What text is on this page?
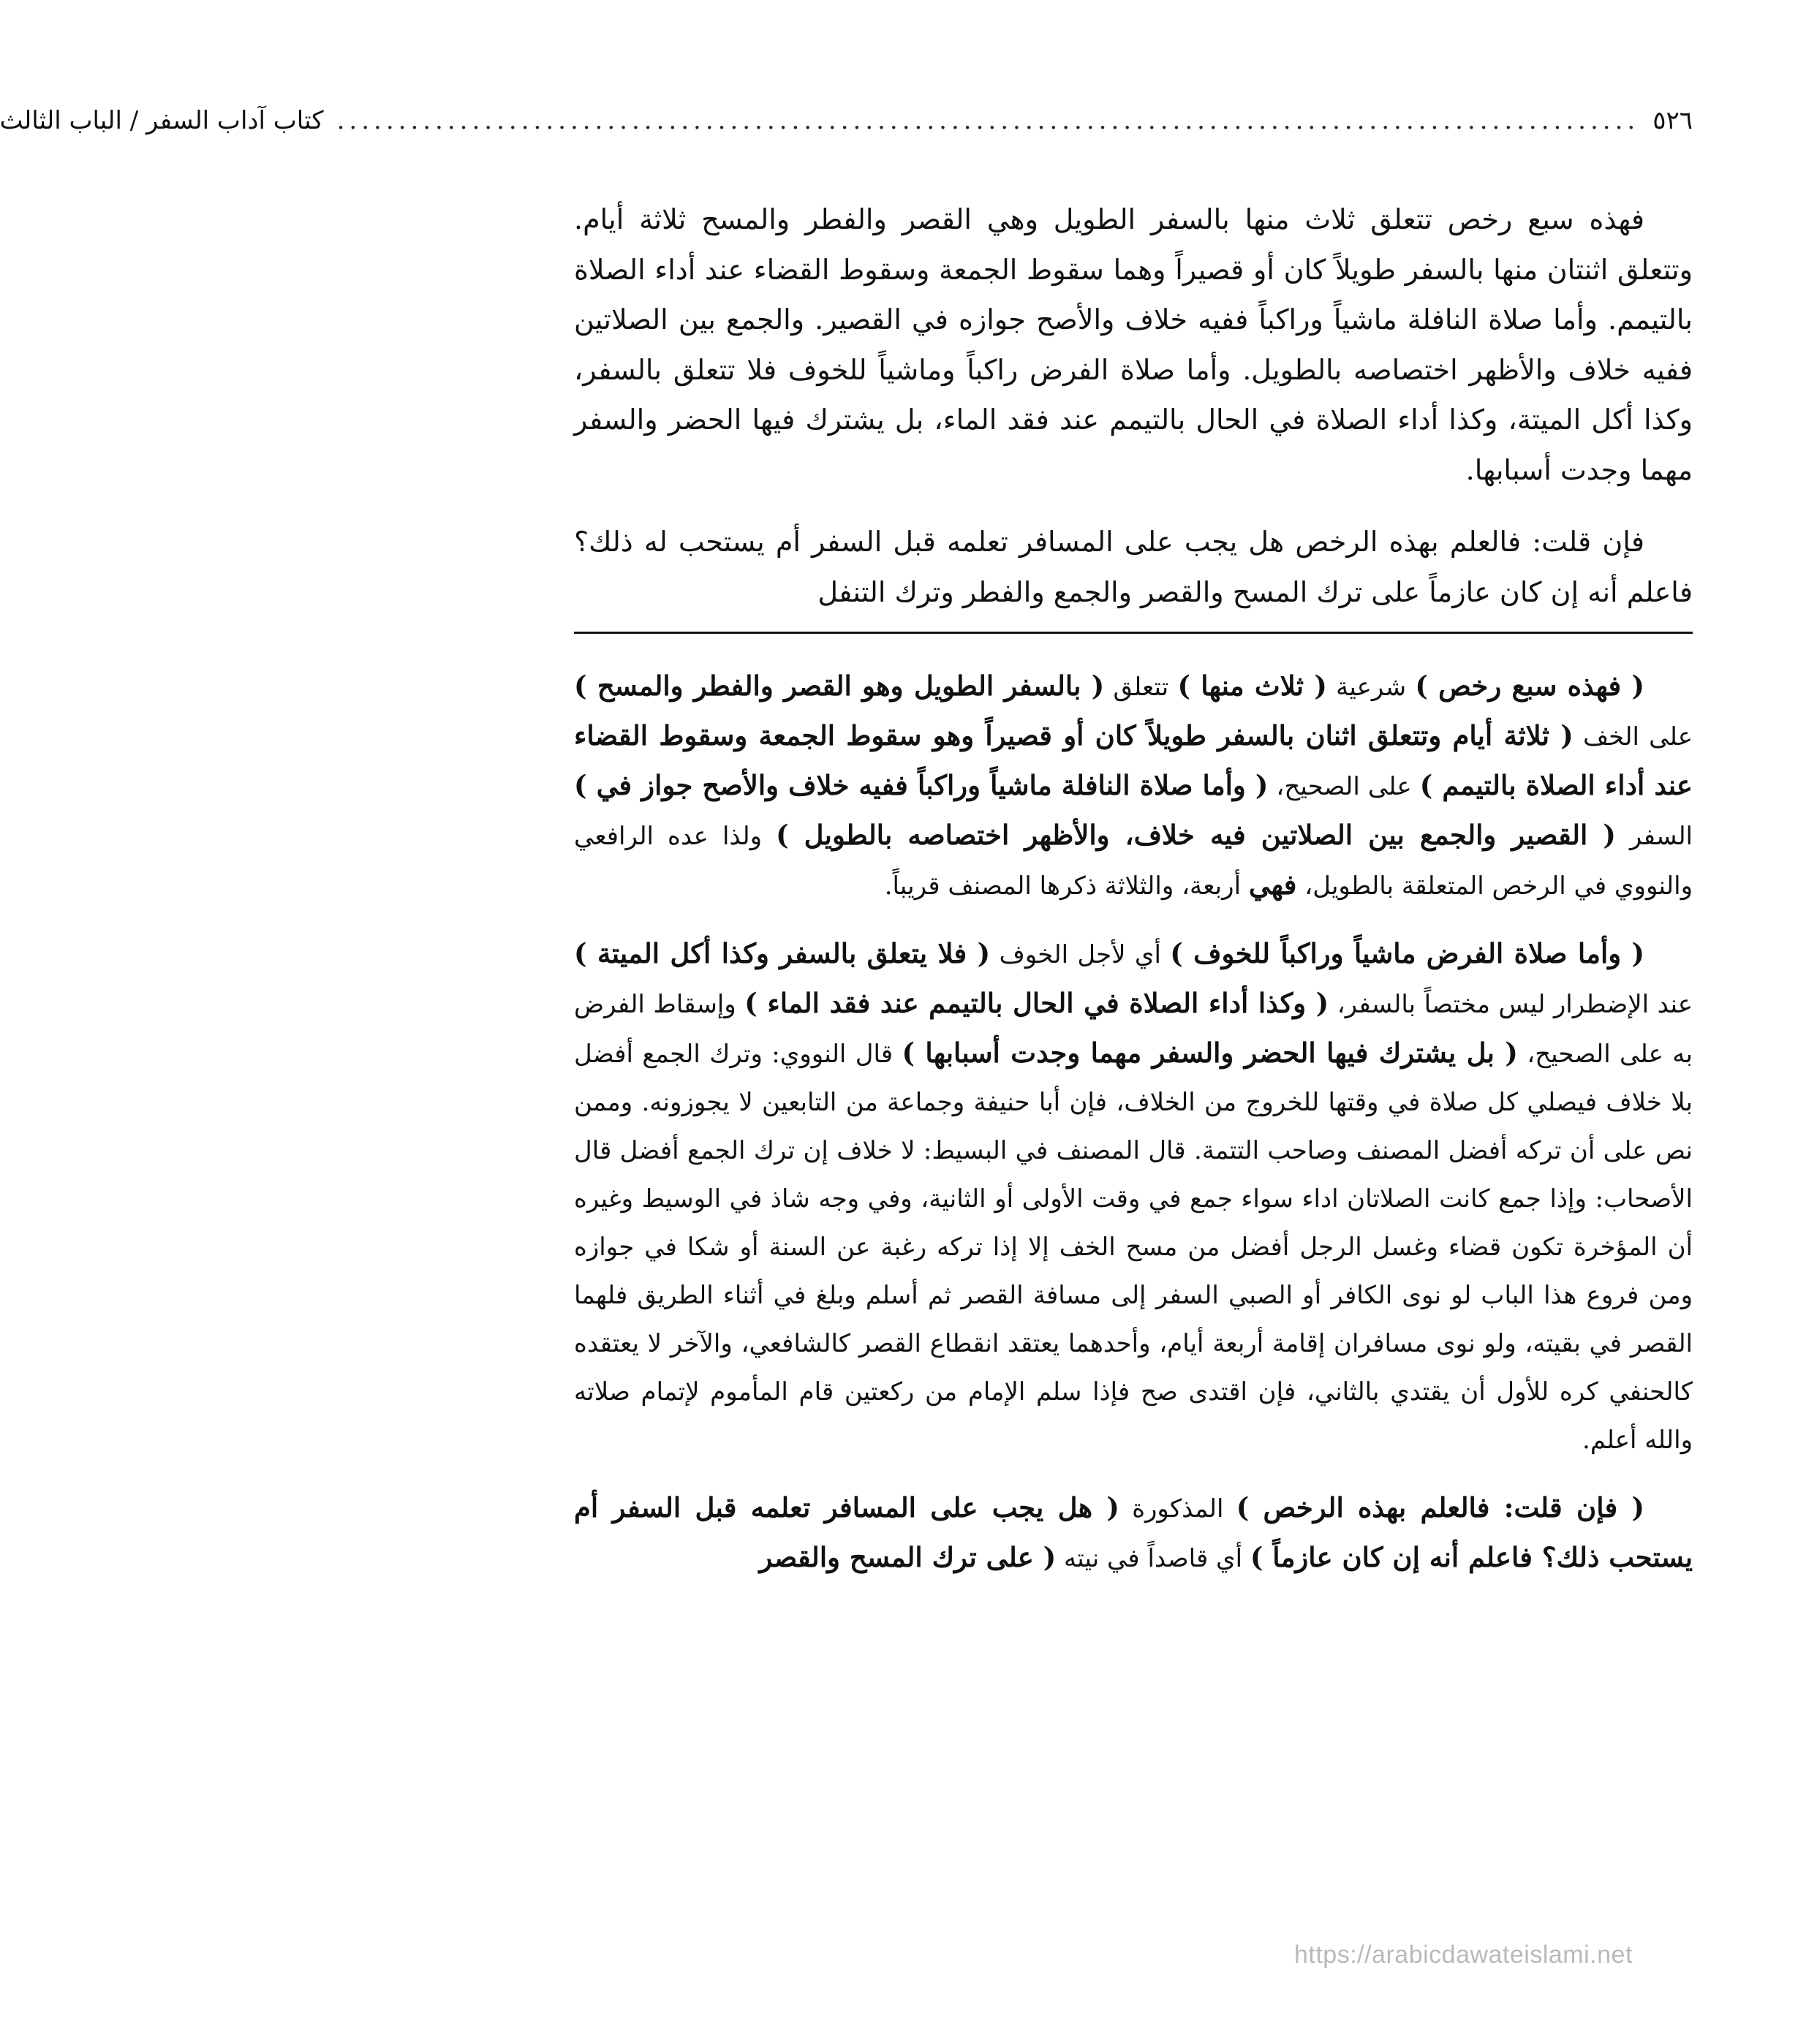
٥٢٦
..........................................................................................................
كتاب آداب السفر / الباب الثالث

فهذه سبع رخص تتعلق ثلاث منها بالسفر الطويل وهي القصر والفطر والمسح ثلاثة أيام. وتتعلق اثنتان منها بالسفر طويلاً كان أو قصيراً وهما سقوط الجمعة وسقوط القضاء عند أداء الصلاة بالتيمم. وأما صلاة النافلة ماشياً وراكباً ففيه خلاف والأصح جوازه في القصير. والجمع بين الصلاتين ففيه خلاف والأظهر اختصاصه بالطويل. وأما صلاة الفرض راكباً وماشياً للخوف فلا تتعلق بالسفر، وكذا أكل الميتة، وكذا أداء الصلاة في الحال بالتيمم عند فقد الماء، بل يشترك فيها الحضر والسفر مهما وجدت أسبابها.

فإن قلت: فالعلم بهذه الرخص هل يجب على المسافر تعلمه قبل السفر أم يستحب له ذلك؟ فاعلم أنه إن كان عازماً على ترك المسح والقصر والجمع والفطر وترك التنفل

( فهذه سبع رخص ) شرعية ( ثلاث منها ) تتعلق ( بالسفر الطويل وهو القصر والفطر والمسح ) على الخف ( ثلاثة أيام وتتعلق اثنان بالسفر طويلاً كان أو قصيراً وهو سقوط الجمعة وسقوط القضاء عند أداء الصلاة بالتيمم ) على الصحيح، ( وأما صلاة النافلة ماشياً وراكباً ففيه خلاف والأصح جواز في ) السفر ( القصير والجمع بين الصلاتين فيه خلاف، والأظهر اختصاصه بالطويل ) ولذا عده الرافعي والنووي في الرخص المتعلقة بالطويل، فهي أربعة، والثلاثة ذكرها المصنف قريباً.

( وأما صلاة الفرض ماشياً وراكباً للخوف ) أي لأجل الخوف ( فلا يتعلق بالسفر وكذا أكل الميتة ) عند الإضطرار ليس مختصاً بالسفر، ( وكذا أداء الصلاة في الحال بالتيمم عند فقد الماء ) وإسقاط الفرض به على الصحيح، ( بل يشترك فيها الحضر والسفر مهما وجدت أسبابها ) قال النووي: وترك الجمع أفضل بلا خلاف فيصلي كل صلاة في وقتها للخروج من الخلاف، فإن أبا حنيفة وجماعة من التابعين لا يجوزونه. وممن نص على أن تركه أفضل المصنف وصاحب التتمة. قال المصنف في البسيط: لا خلاف إن ترك الجمع أفضل قال الأصحاب: وإذا جمع كانت الصلاتان اداء سواء جمع في وقت الأولى أو الثانية، وفي وجه شاذ في الوسيط وغيره أن المؤخرة تكون قضاء وغسل الرجل أفضل من مسح الخف إلا إذا تركه رغبة عن السنة أو شكا في جوازه ومن فروع هذا الباب لو نوى الكافر أو الصبي السفر إلى مسافة القصر ثم أسلم وبلغ في أثناء الطريق فلهما القصر في بقيته، ولو نوى مسافران إقامة أربعة أيام، وأحدهما يعتقد انقطاع القصر كالشافعي، والآخر لا يعتقده كالحنفي كره للأول أن يقتدي بالثاني، فإن اقتدى صح فإذا سلم الإمام من ركعتين قام المأموم لإتمام صلاته والله أعلم.

( فإن قلت: فالعلم بهذه الرخص ) المذكورة ( هل يجب على المسافر تعلمه قبل السفر أم يستحب ذلك؟ فاعلم أنه إن كان عازماً ) أي قاصداً في نيته ( على ترك المسح والقصر

https://arabicdawateislami.net
